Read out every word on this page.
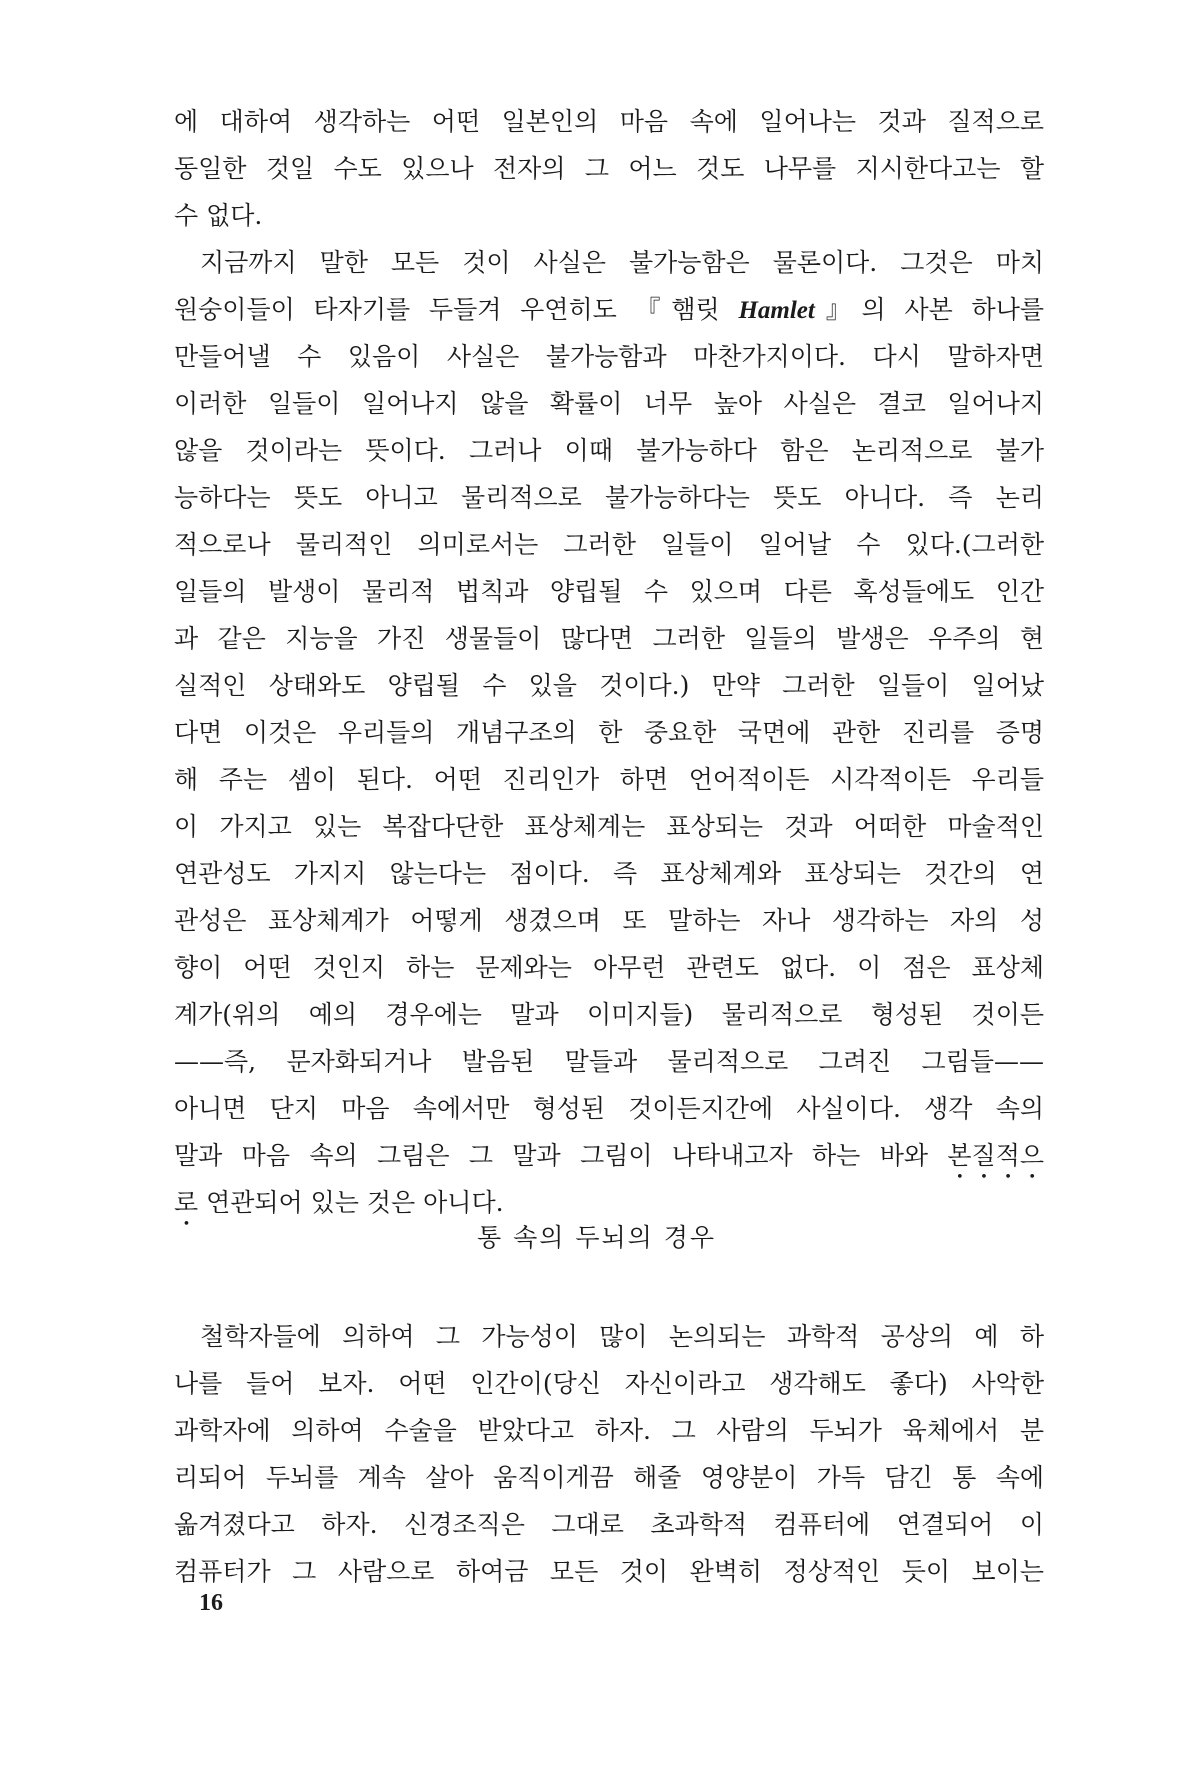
에 대하여 생각하는 어떤 일본인의 마음 속에 일어나는 것과 질적으로
동일한 것일 수도 있으나 전자의 그 어느 것도 나무를 지시한다고는 할
수 없다.
지금까지 말한 모든 것이 사실은 불가능함은 물론이다. 그것은 마치
원숭이들이 타자기를 두들겨 우연히도 『햄릿 Hamlet』의 사본 하나를
만들어낼 수 있음이 사실은 불가능함과 마찬가지이다. 다시 말하자면
이러한 일들이 일어나지 않을 확률이 너무 높아 사실은 결코 일어나지
않을 것이라는 뜻이다. 그러나 이때 불가능하다 함은 논리적으로 불가
능하다는 뜻도 아니고 물리적으로 불가능하다는 뜻도 아니다. 즉 논리
적으로나 물리적인 의미로서는 그러한 일들이 일어날 수 있다.(그러한
일들의 발생이 물리적 법칙과 양립될 수 있으며 다른 혹성들에도 인간
과 같은 지능을 가진 생물들이 많다면 그러한 일들의 발생은 우주의 현
실적인 상태와도 양립될 수 있을 것이다.) 만약 그러한 일들이 일어났
다면 이것은 우리들의 개념구조의 한 중요한 국면에 관한 진리를 증명
해 주는 셈이 된다. 어떤 진리인가 하면 언어적이든 시각적이든 우리들
이 가지고 있는 복잡다단한 표상체계는 표상되는 것과 어떠한 마술적인
연관성도 가지지 않는다는 점이다. 즉 표상체계와 표상되는 것간의 연
관성은 표상체계가 어떻게 생겼으며 또 말하는 자나 생각하는 자의 성
향이 어떤 것인지 하는 문제와는 아무런 관련도 없다. 이 점은 표상체
계가(위의 예의 경우에는 말과 이미지들) 물리적으로 형성된 것이든
——즉, 문자화되거나 발음된 말들과 물리적으로 그려진 그림들——
아니면 단지 마음 속에서만 형성된 것이든지간에 사실이다. 생각 속의
말과 마음 속의 그림은 그 말과 그림이 나타내고자 하는 바와 본질적으
로 연관되어 있는 것은 아니다.
통 속의 두뇌의 경우
철학자들에 의하여 그 가능성이 많이 논의되는 과학적 공상의 예 하
나를 들어 보자. 어떤 인간이(당신 자신이라고 생각해도 좋다) 사악한
과학자에 의하여 수술을 받았다고 하자. 그 사람의 두뇌가 육체에서 분
리되어 두뇌를 계속 살아 움직이게끔 해줄 영양분이 가득 담긴 통 속에
옮겨졌다고 하자. 신경조직은 그대로 초과학적 컴퓨터에 연결되어 이
컴퓨터가 그 사람으로 하여금 모든 것이 완벽히 정상적인 듯이 보이는
16
